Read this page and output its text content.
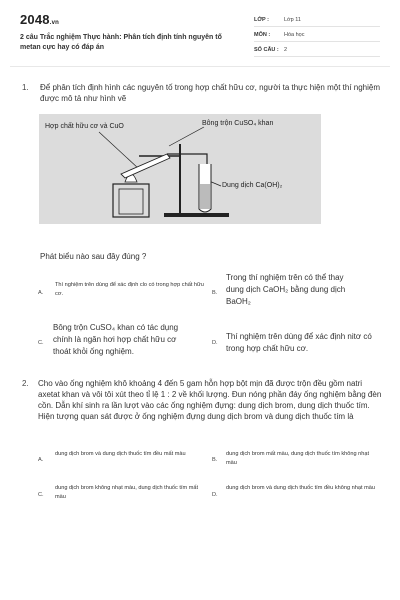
2048.vn
2 câu Trắc nghiệm Thực hành: Phân tích định tính nguyên tố metan cực hay có đáp án
LỚP :	Lớp 11
MÔN :	Hóa học
SỐ CÂU : 2
1. Để phân tích định hình các nguyên tố trong hợp chất hữu cơ, người ta thực hiện một thí nghiệm được mô tả như hình vẽ
Hợp chất hữu cơ và CuO	Bông trộn CuSO₄ khan
Dung dịch Ca(OH)₂
Phát biểu nào sau đây đúng ?
A.
Thí nghiệm trên dùng để xác định clo có trong hợp chất hữu cơ.	B.
Trong thí nghiệm trên có thể thay
dung dịch CaOH₂ bằng dung dịch
BaOH₂
C.
Bông trộn CuSO₄ khan có tác dụng
chính là ngăn hơi hợp chất hữu cơ
thoát khỏi ống nghiệm.
D.
Thí nghiệm trên dùng để xác định nitơ có trong hợp chất hữu cơ.
2. Cho vào ống nghiệm khô khoảng 4 đến 5 gam hỗn hợp bột mịn đã được trộn đều gồm natri axetat khan và vôi tôi xút theo tỉ lệ 1 : 2 về khối lượng. Đun nóng phần đáy ống nghiệm bằng đèn cồn. Dẫn khí sinh ra lần lượt vào các ống nghiệm đựng: dung dịch brom, dung dịch thuốc tím. Hiện tượng quan sát được ở ống nghiệm đựng dung dịch brom và dung dịch thuốc tím là
A.
dung dịch brom và dung dịch thuốc tím đều mất màu
B.
dung dịch brom mất màu, dung dịch thuốc tím không nhạt màu
C.
dung dịch brom không nhạt màu, dung dịch thuốc tím mất màu	D.
dung dịch brom và dung dịch thuốc tím đều không nhạt màu
